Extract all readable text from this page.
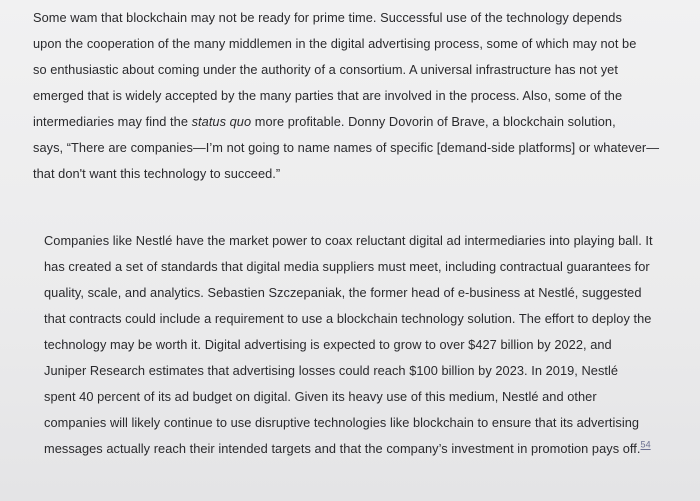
Some wam that blockchain may not be ready for prime time. Successful use of the technology depends
upon the cooperation of the many middlemen in the digital advertising process, some of which may not be
so enthusiastic about coming under the authority of a consortium. A universal infrastructure has not yet
emerged that is widely accepted by the many parties that are involved in the process. Also, some of the
intermediaries may find the status quo more profitable. Donny Dovorin of Brave, a blockchain solution,
says, “There are companies—I’m not going to name names of specific [demand-side platforms] or whatever—
that don't want this technology to succeed.”
Companies like Nestlé have the market power to coax reluctant digital ad intermediaries into playing ball. It
has created a set of standards that digital media suppliers must meet, including contractual guarantees for
quality, scale, and analytics. Sebastien Szczepaniak, the former head of e-business at Nestlé, suggested
that contracts could include a requirement to use a blockchain technology solution. The effort to deploy the
technology may be worth it. Digital advertising is expected to grow to over $427 billion by 2022, and
Juniper Research estimates that advertising losses could reach $100 billion by 2023. In 2019, Nestlé
spent 40 percent of its ad budget on digital. Given its heavy use of this medium, Nestlé and other
companies will likely continue to use disruptive technologies like blockchain to ensure that its advertising
messages actually reach their intended targets and that the company’s investment in promotion pays off.$^{54}$
